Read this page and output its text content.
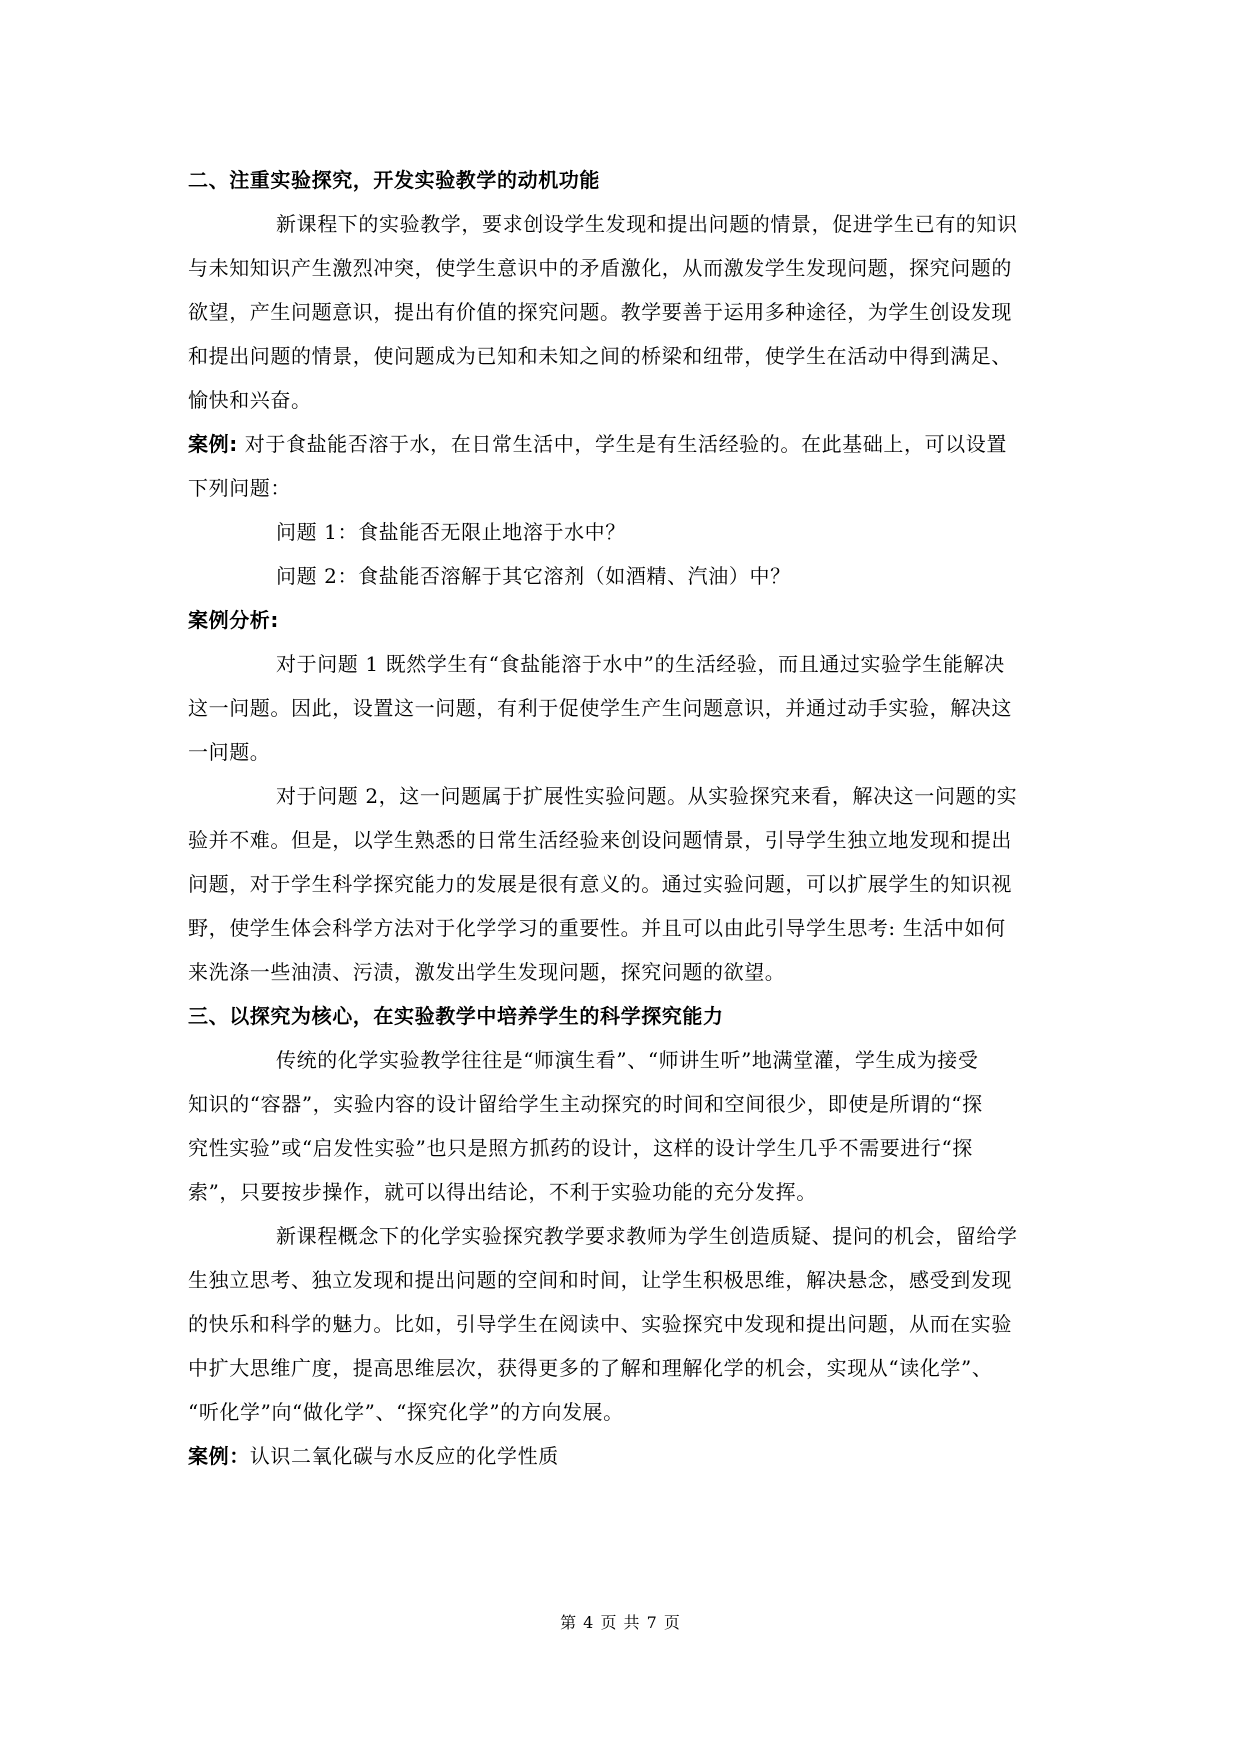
二、注重实验探究，开发实验教学的动机功能
新课程下的实验教学，要求创设学生发现和提出问题的情景，促进学生已有的知识
与未知知识产生激烈冲突，使学生意识中的矛盾激化，从而激发学生发现问题，探究问题的
欲望，产生问题意识，提出有价值的探究问题。教学要善于运用多种途径，为学生创设发现
和提出问题的情景，使问题成为已知和未知之间的桥梁和纽带，使学生在活动中得到满足、
愉快和兴奋。
案例: 对于食盐能否溶于水，在日常生活中，学生是有生活经验的。在此基础上，可以设置
下列问题：
问题 1：食盐能否无限止地溶于水中？
问题 2：食盐能否溶解于其它溶剂（如酒精、汽油）中？
案例分析:
对于问题 1 既然学生有“食盐能溶于水中”的生活经验，而且通过实验学生能解决
这一问题。因此，设置这一问题，有利于促使学生产生问题意识，并通过动手实验，解决这
一问题。
对于问题 2，这一问题属于扩展性实验问题。从实验探究来看，解决这一问题的实
验并不难。但是，以学生熟悉的日常生活经验来创设问题情景，引导学生独立地发现和提出
问题，对于学生科学探究能力的发展是很有意义的。通过实验问题，可以扩展学生的知识视
野，使学生体会科学方法对于化学学习的重要性。并且可以由此引导学生思考: 生活中如何
来洗涤一些油渍、污渍，激发出学生发现问题，探究问题的欲望。
三、以探究为核心，在实验教学中培养学生的科学探究能力
传统的化学实验教学往往是“师演生看”、“师讲生听”地满堂灌，学生成为接受
知识的“容器”，实验内容的设计留给学生主动探究的时间和空间很少，即使是所谓的“探
究性实验”或“启发性实验”也只是照方抓药的设计，这样的设计学生几乎不需要进行“探
索”，只要按步操作，就可以得出结论，不利于实验功能的充分发挥。
新课程概念下的化学实验探究教学要求教师为学生创造质疑、提问的机会，留给学
生独立思考、独立发现和提出问题的空间和时间，让学生积极思维，解决悬念，感受到发现
的快乐和科学的魅力。比如，引导学生在阅读中、实验探究中发现和提出问题，从而在实验
中扩大思维广度，提高思维层次，获得更多的了解和理解化学的机会，实现从“读化学”、
“听化学”向“做化学”、“探究化学”的方向发展。
案例：认识二氧化碳与水反应的化学性质
第 4 页 共 7 页
